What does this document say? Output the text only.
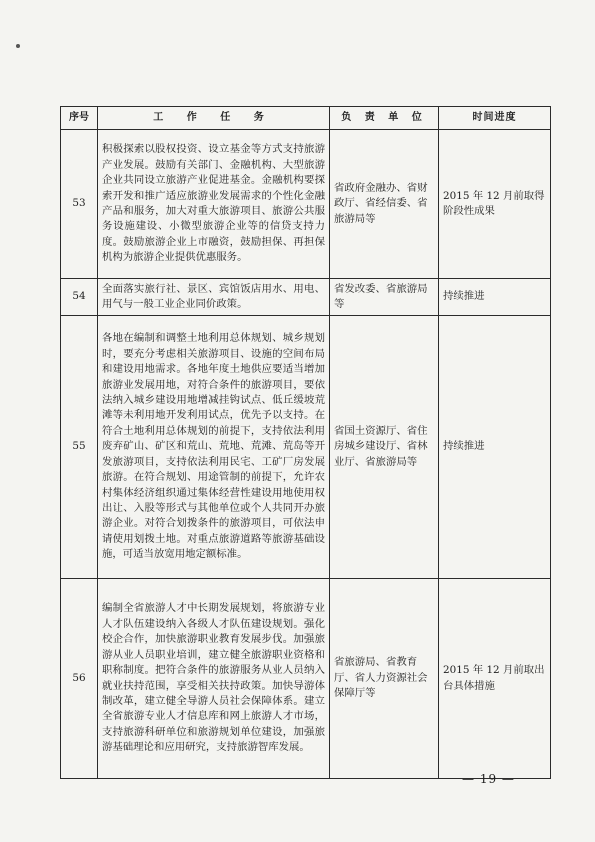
序号	工 作 任 务	负 责 单 位	时间进度
53	积极探索以股权投资、设立基金等方式支持旅游产业发展。鼓励有关部门、金融机构、大型旅游企业共同设立旅游产业促进基金。金融机构要探索开发和推广适应旅游业发展需求的个性化金融产品和服务，加大对重大旅游项目、旅游公共服务设施建设、小微型旅游企业等的信贷支持力度。鼓励旅游企业上市融资，鼓励担保、再担保机构为旅游企业提供优惠服务。	省政府金融办、省财政厅、省经信委、省旅游局等	2015 年 12 月前取得阶段性成果
54	全面落实旅行社、景区、宾馆饭店用水、用电、用气与一般工业企业同价政策。	省发改委、省旅游局等	持续推进
55	各地在编制和调整土地利用总体规划、城乡规划时，要充分考虑相关旅游项目、设施的空间布局和建设用地需求。各地年度土地供应要适当增加旅游业发展用地，对符合条件的旅游项目，要依法纳入城乡建设用地增减挂钩试点、低丘缓坡荒滩等未利用地开发利用试点，优先予以支持。在符合土地利用总体规划的前提下，支持依法利用废弃矿山、矿区和荒山、荒地、荒滩、荒岛等开发旅游项目，支持依法利用民宅、工矿厂房发展旅游。在符合规划、用途管制的前提下，允许农村集体经济组织通过集体经营性建设用地使用权出让、入股等形式与其他单位或个人共同开办旅游企业。对符合划拨条件的旅游项目，可依法申请使用划拨土地。对重点旅游道路等旅游基础设施，可适当放宽用地定额标准。	省国土资源厅、省住房城乡建设厅、省林业厅、省旅游局等	持续推进
56	编制全省旅游人才中长期发展规划，将旅游专业人才队伍建设纳入各级人才队伍建设规划。强化校企合作，加快旅游职业教育发展步伐。加强旅游从业人员职业培训，建立健全旅游职业资格和职称制度。把符合条件的旅游服务从业人员纳入就业扶持范围，享受相关扶持政策。加快导游体制改革，建立健全导游人员社会保障体系。建立全省旅游专业人才信息库和网上旅游人才市场，支持旅游科研单位和旅游规划单位建设，加强旅游基础理论和应用研究，支持旅游智库发展。	省旅游局、省教育厅、省人力资源社会保障厅等	2015 年 12 月前取出台具体措施
— 19 —
